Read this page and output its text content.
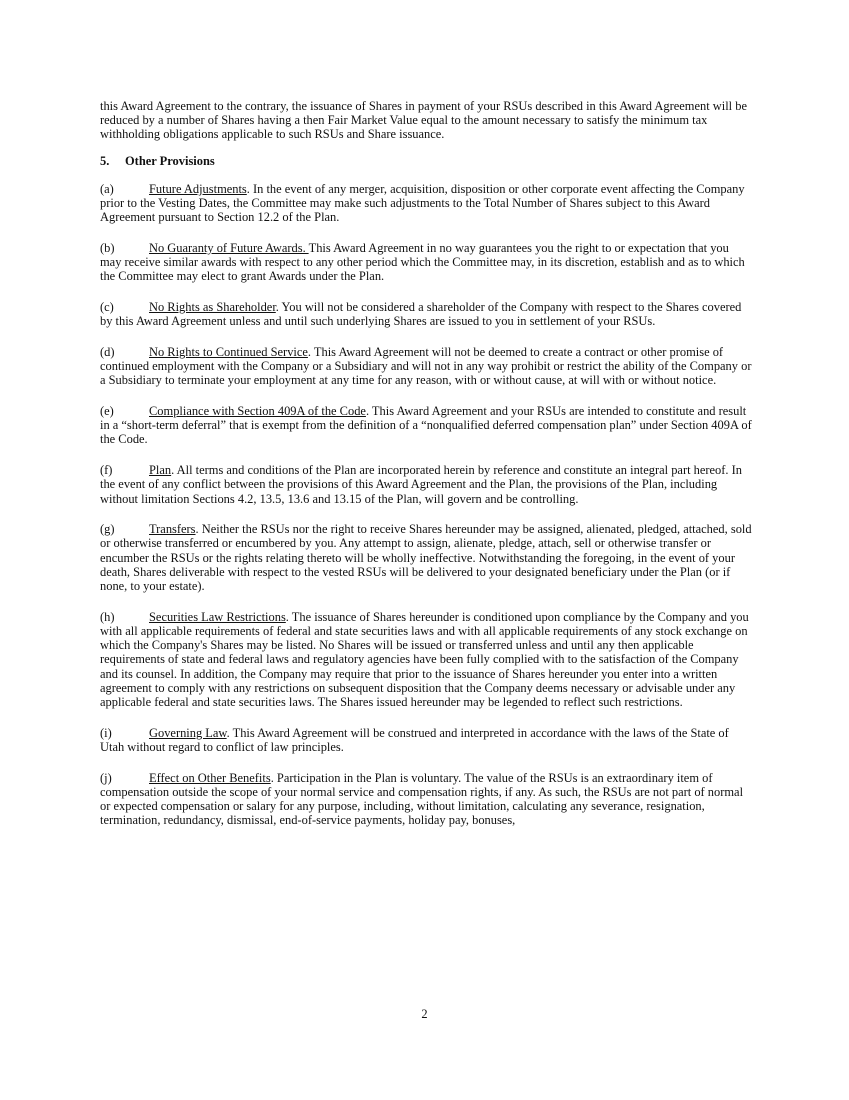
this Award Agreement to the contrary, the issuance of Shares in payment of your RSUs described in this Award Agreement will be reduced by a number of Shares having a then Fair Market Value equal to the amount necessary to satisfy the minimum tax withholding obligations applicable to such RSUs and Share issuance.

5. Other Provisions

(a)	Future Adjustments. In the event of any merger, acquisition, disposition or other corporate event affecting the Company prior to the Vesting Dates, the Committee may make such adjustments to the Total Number of Shares subject to this Award Agreement pursuant to Section 12.2 of the Plan.

(b)	No Guaranty of Future Awards. This Award Agreement in no way guarantees you the right to or expectation that you may receive similar awards with respect to any other period which the Committee may, in its discretion, establish and as to which the Committee may elect to grant Awards under the Plan.

(c)	No Rights as Shareholder. You will not be considered a shareholder of the Company with respect to the Shares covered by this Award Agreement unless and until such underlying Shares are issued to you in settlement of your RSUs.

(d)	No Rights to Continued Service. This Award Agreement will not be deemed to create a contract or other promise of continued employment with the Company or a Subsidiary and will not in any way prohibit or restrict the ability of the Company or a Subsidiary to terminate your employment at any time for any reason, with or without cause, at will with or without notice.

(e)	Compliance with Section 409A of the Code. This Award Agreement and your RSUs are intended to constitute and result in a “short-term deferral” that is exempt from the definition of a “nonqualified deferred compensation plan” under Section 409A of the Code.

(f)	Plan. All terms and conditions of the Plan are incorporated herein by reference and constitute an integral part hereof. In the event of any conflict between the provisions of this Award Agreement and the Plan, the provisions of the Plan, including without limitation Sections 4.2, 13.5, 13.6 and 13.15 of the Plan, will govern and be controlling.

(g)	Transfers. Neither the RSUs nor the right to receive Shares hereunder may be assigned, alienated, pledged, attached, sold or otherwise transferred or encumbered by you. Any attempt to assign, alienate, pledge, attach, sell or otherwise transfer or encumber the RSUs or the rights relating thereto will be wholly ineffective. Notwithstanding the foregoing, in the event of your death, Shares deliverable with respect to the vested RSUs will be delivered to your designated beneficiary under the Plan (or if none, to your estate).

(h)	Securities Law Restrictions. The issuance of Shares hereunder is conditioned upon compliance by the Company and you with all applicable requirements of federal and state securities laws and with all applicable requirements of any stock exchange on which the Company's Shares may be listed. No Shares will be issued or transferred unless and until any then applicable requirements of state and federal laws and regulatory agencies have been fully complied with to the satisfaction of the Company and its counsel. In addition, the Company may require that prior to the issuance of Shares hereunder you enter into a written agreement to comply with any restrictions on subsequent disposition that the Company deems necessary or advisable under any applicable federal and state securities laws. The Shares issued hereunder may be legended to reflect such restrictions.

(i)	Governing Law. This Award Agreement will be construed and interpreted in accordance with the laws of the State of Utah without regard to conflict of law principles.

(j)	Effect on Other Benefits. Participation in the Plan is voluntary. The value of the RSUs is an extraordinary item of compensation outside the scope of your normal service and compensation rights, if any. As such, the RSUs are not part of normal or expected compensation or salary for any purpose, including, without limitation, calculating any severance, resignation, termination, redundancy, dismissal, end-of-service payments, holiday pay, bonuses,

2
